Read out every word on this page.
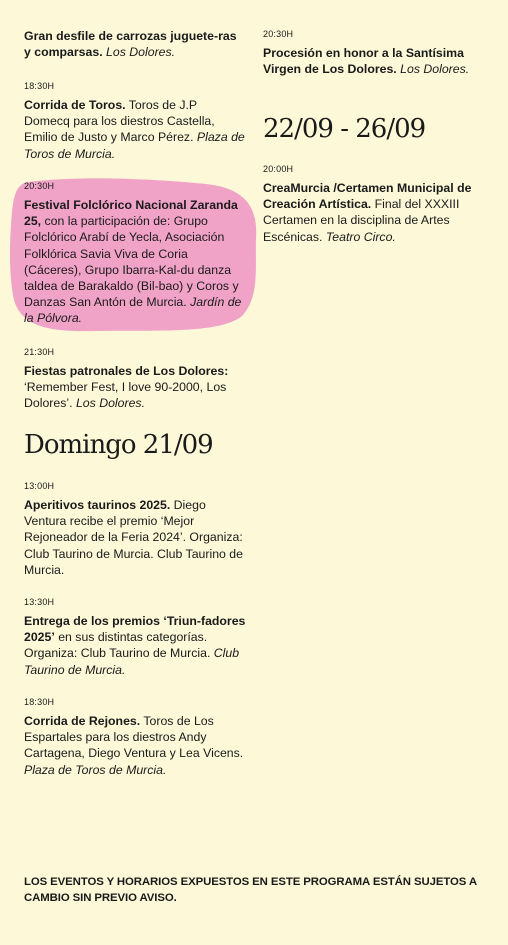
Gran desfile de carrozas juguete-ras y comparsas. Los Dolores.

18:30H

Corrida de Toros. Toros de J.P Domecq para los diestros Castella, Emilio de Justo y Marco Pérez. Plaza de Toros de Murcia.

20:30H

Festival Folclórico Nacional Zaranda 25, con la participación de: Grupo Folclórico Arabí de Yecla, Asociación Folklórica Savia Viva de Coria (Cáceres), Grupo Ibarra-Kal-du danza taldea de Barakaldo (Bil-bao) y Coros y Danzas San Antón de Murcia. Jardín de la Pólvora.

21:30H

Fiestas patronales de Los Dolores: ‘Remember Fest, I love 90-2000, Los Dolores’. Los Dolores.

Domingo 21/09
13:00H

Aperitivos taurinos 2025. Diego Ventura recibe el premio ‘Mejor Rejoneador de la Feria 2024’. Organiza: Club Taurino de Murcia. Club Taurino de Murcia.

13:30H

Entrega de los premios ‘Triun-fadores 2025’ en sus distintas categorías. Organiza: Club Taurino de Murcia. Club Taurino de Murcia.

18:30H

Corrida de Rejones. Toros de Los Espartales para los diestros Andy Cartagena, Diego Ventura y Lea Vicens. Plaza de Toros de Murcia.

20:30H

Procesión en honor a la Santísima Virgen de Los Dolores. Los Dolores.

22/09 - 26/09
20:00H

CreaMurcia /Certamen Municipal de Creación Artística. Final del XXXIII Certamen en la disciplina de Artes Escénicas. Teatro Circo.

LOS EVENTOS Y HORARIOS EXPUESTOS EN ESTE PROGRAMA ESTÁN SUJETOS A CAMBIO SIN PREVIO AVISO.
